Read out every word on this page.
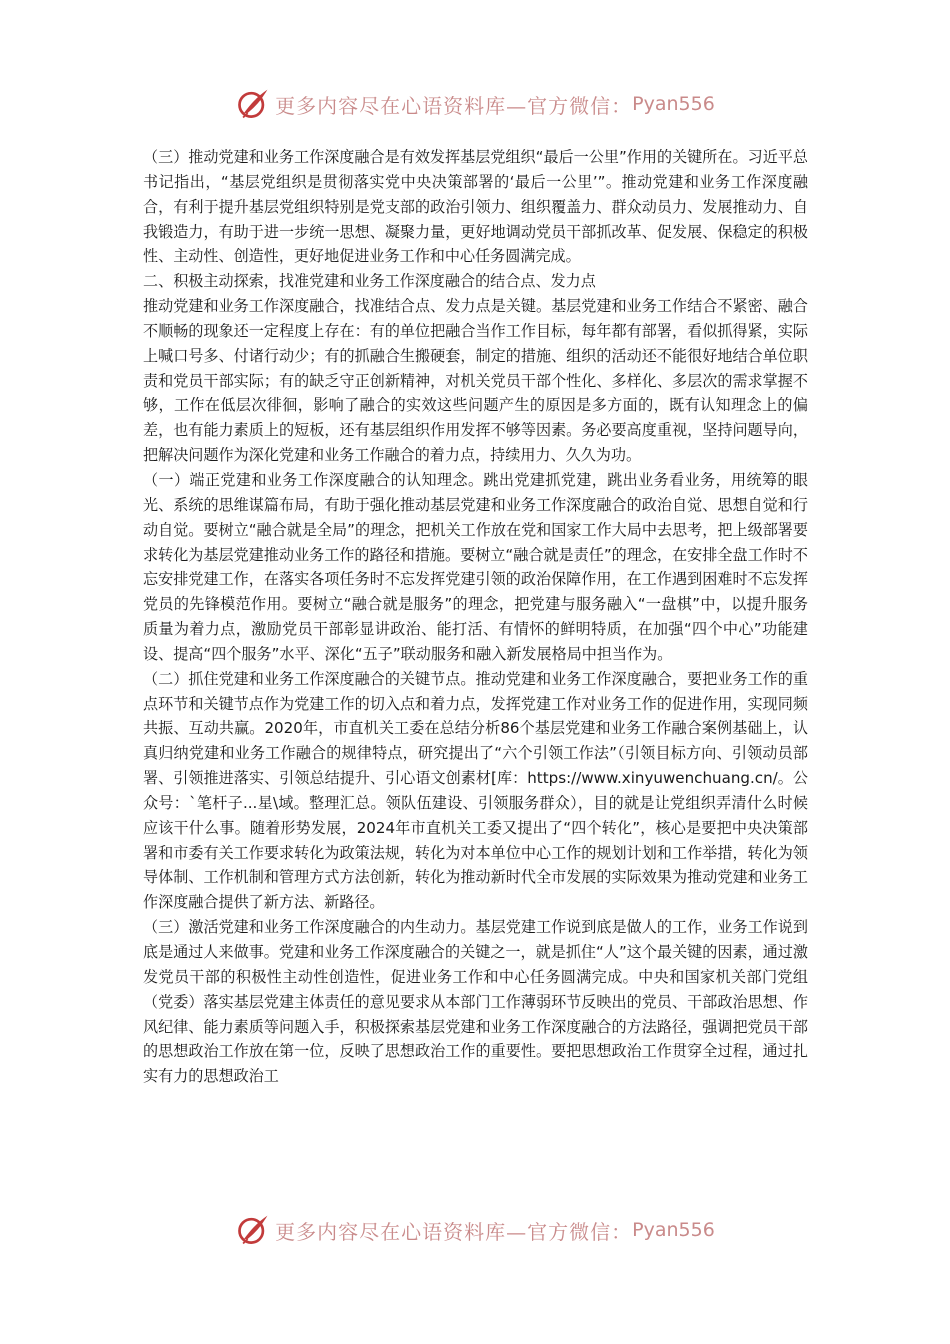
更多内容尽在心语资料库—官方微信： Pyan556

（三）推动党建和业务工作深度融合是有效发挥基层党组织“最后一公里”作用的关键所在。习近平总书记指出，“基层党组织是贯彻落实党中央决策部署的‘最后一公里’”。推动党建和业务工作深度融合，有利于提升基层党组织特别是党支部的政治引领力、组织覆盖力、群众动员力、发展推动力、自我锻造力，有助于进一步统一思想、凝聚力量，更好地调动党员干部抓改革、促发展、保稳定的积极性、主动性、创造性，更好地促进业务工作和中心任务圆满完成。

二、积极主动探索，找准党建和业务工作深度融合的结合点、发力点

推动党建和业务工作深度融合，找准结合点、发力点是关键。基层党建和业务工作结合不紧密、融合不顺畅的现象还一定程度上存在：有的单位把融合当作工作目标，每年都有部署，看似抓得紧，实际上喊口号多、付诸行动少；有的抓融合生搬硬套，制定的措施、组织的活动还不能很好地结合单位职责和党员干部实际；有的缺乏守正创新精神，对机关党员干部个性化、多样化、多层次的需求掌握不够，工作在低层次徘徊，影响了融合的实效这些问题产生的原因是多方面的，既有认知理念上的偏差，也有能力素质上的短板，还有基层组织作用发挥不够等因素。务必要高度重视，坚持问题导向，把解决问题作为深化党建和业务工作融合的着力点，持续用力、久久为功。

（一）端正党建和业务工作深度融合的认知理念。跳出党建抓党建，跳出业务看业务，用统筹的眼光、系统的思维谋篇布局，有助于强化推动基层党建和业务工作深度融合的政治自觉、思想自觉和行动自觉。要树立“融合就是全局”的理念，把机关工作放在党和国家工作大局中去思考，把上级部署要求转化为基层党建推动业务工作的路径和措施。要树立“融合就是责任”的理念，在安排全盘工作时不忘安排党建工作，在落实各项任务时不忘发挥党建引领的政治保障作用，在工作遇到困难时不忘发挥党员的先锋模范作用。要树立“融合就是服务”的理念，把党建与服务融入“一盘棋”中，以提升服务质量为着力点，激励党员干部彰显讲政治、能打活、有情怀的鲜明特质，在加强“四个中心”功能建设、提高“四个服务”水平、深化“五子”联动服务和融入新发展格局中担当作为。

（二）抓住党建和业务工作深度融合的关键节点。推动党建和业务工作深度融合，要把业务工作的重点环节和关键节点作为党建工作的切入点和着力点，发挥党建工作对业务工作的促进作用，实现同频共振、互动共赢。2020年，市直机关工委在总结分析86个基层党建和业务工作融合案例基础上，认真归纳党建和业务工作融合的规律特点，研究提出了“六个引领工作法”（引领目标方向、引领动员部署、引领推进落实、引领总结提升、引心语文创素材[库：https://www.xinyuwenchuang.cn/。公众号：`笔杆子...星\域。整理汇总。领队伍建设、引领服务群众），目的就是让党组织弄清什么时候应该干什么事。随着形势发展，2024年市直机关工委又提出了“四个转化”，核心是要把中央决策部署和市委有关工作要求转化为政策法规，转化为对本单位中心工作的规划计划和工作举措，转化为领导体制、工作机制和管理方式方法创新，转化为推动新时代全市发展的实际效果为推动党建和业务工作深度融合提供了新方法、新路径。

（三）激活党建和业务工作深度融合的内生动力。基层党建工作说到底是做人的工作，业务工作说到底是通过人来做事。党建和业务工作深度融合的关键之一，就是抓住“人”这个最关键的因素，通过激发党员干部的积极性主动性创造性，促进业务工作和中心任务圆满完成。中央和国家机关部门党组（党委）落实基层党建主体责任的意见要求从本部门工作薄弱环节反映出的党员、干部政治思想、作风纪律、能力素质等问题入手，积极探索基层党建和业务工作深度融合的方法路径，强调把党员干部的思想政治工作放在第一位，反映了思想政治工作的重要性。要把思想政治工作贯穿全过程，通过扎实有力的思想政治工

更多内容尽在心语资料库—官方微信： Pyan556
